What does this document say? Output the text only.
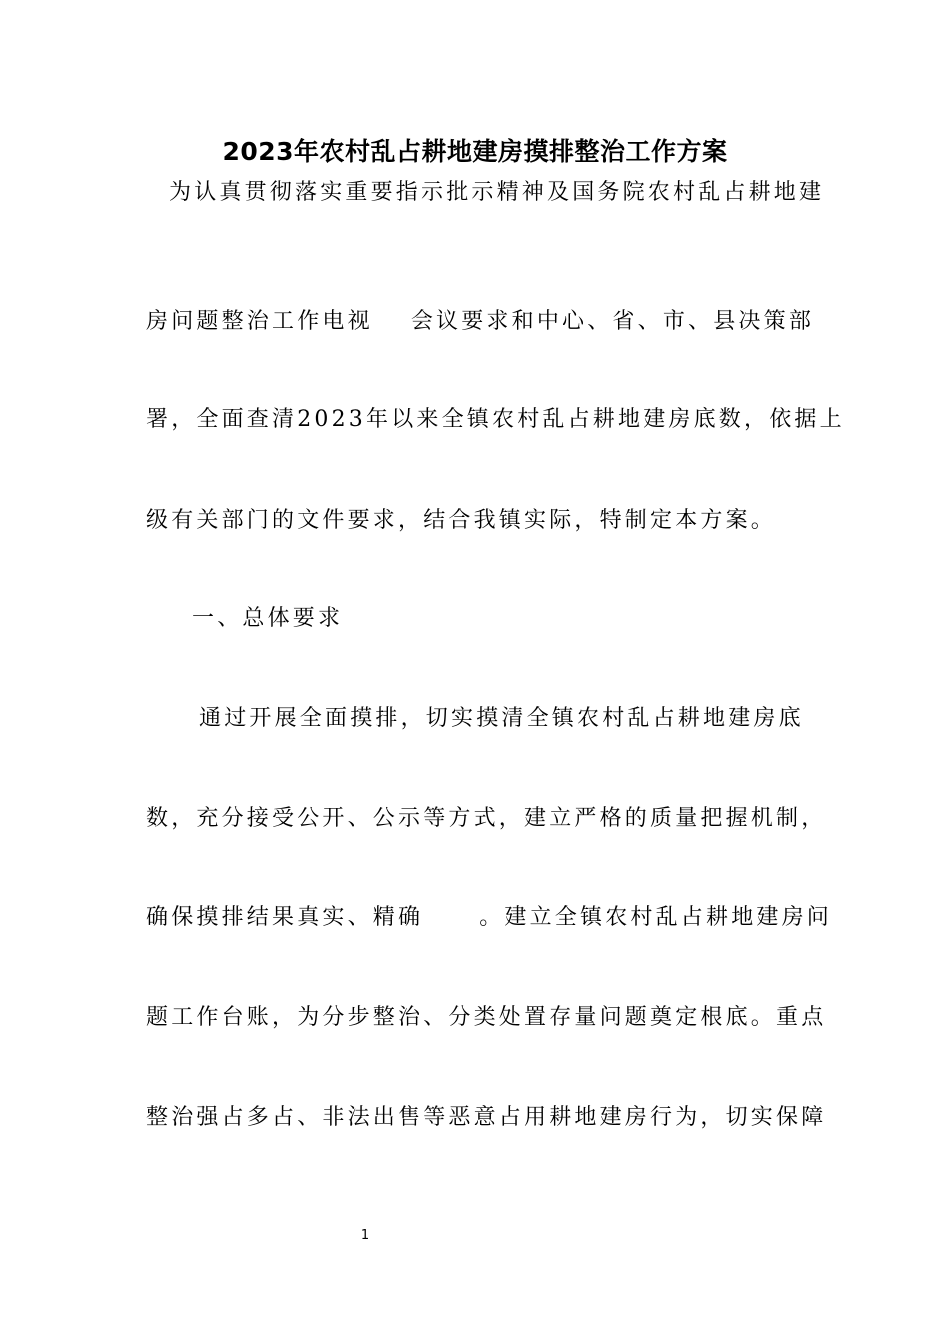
2023年农村乱占耕地建房摸排整治工作方案
为认真贯彻落实重要指示批示精神及国务院农村乱占耕地建
房问题整治工作电视 会议要求和中心、省、市、县决策部
署，全面查清2023年以来全镇农村乱占耕地建房底数，依据上
级有关部门的文件要求，结合我镇实际，特制定本方案。
一、总体要求
通过开展全面摸排，切实摸清全镇农村乱占耕地建房底
数，充分接受公开、公示等方式，建立严格的质量把握机制，
确保摸排结果真实、精确	。建立全镇农村乱占耕地建房问
题工作台账，为分步整治、分类处置存量问题奠定根底。重点
整治强占多占、非法出售等恶意占用耕地建房行为，切实保障
1
